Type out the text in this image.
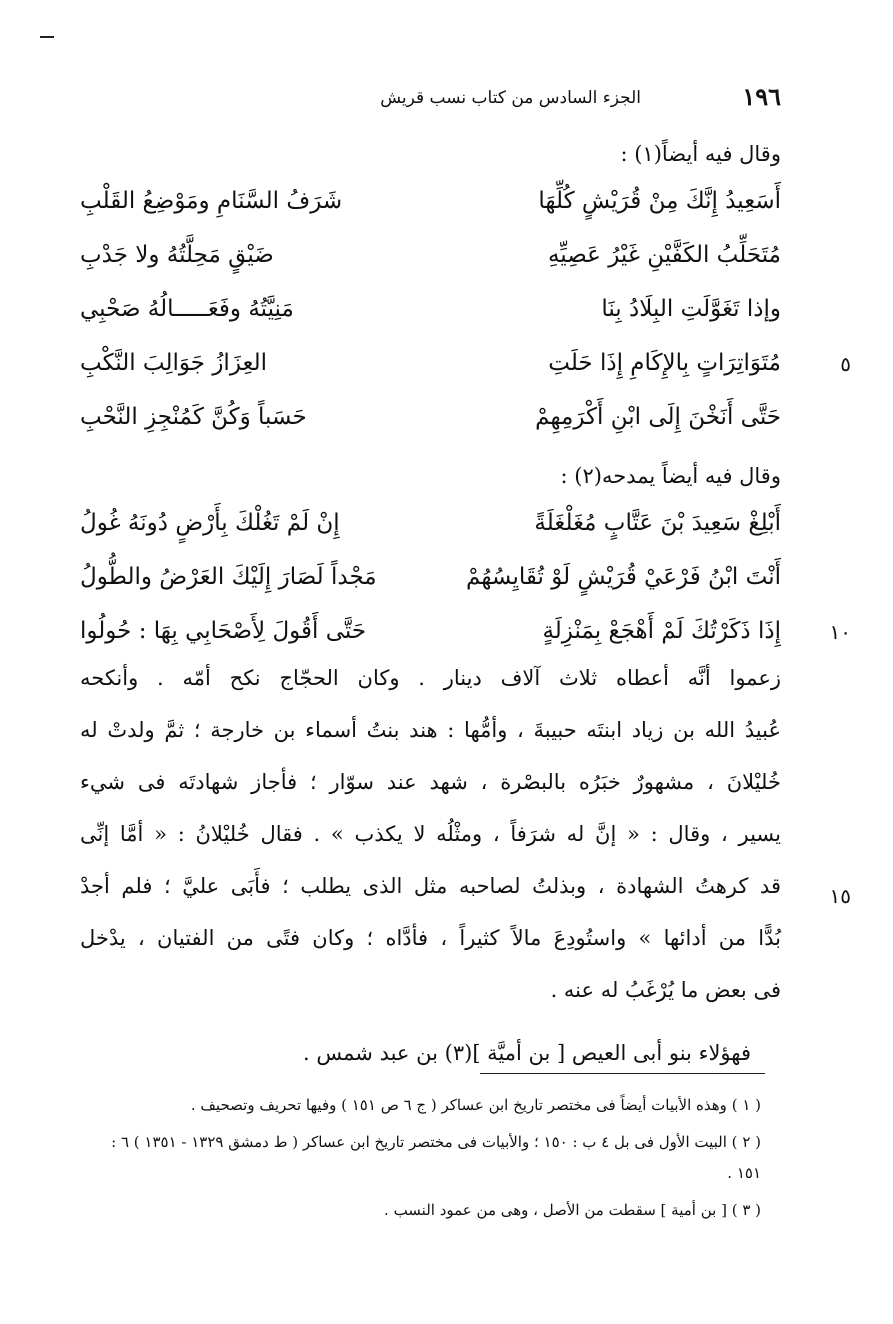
١٩٦
الجزء السادس من كتاب نسب قريش
وقال فيه أيضاً(١) :
أَسَعِيدُ إِنَّكَ مِنْ قُرَيْشٍ كُلِّهَا
شَرَفُ السَّنَامِ ومَوْضِعُ القَلْبِ
مُتَحَلِّبُ الكَفَّيْنِ غَيْرُ عَصِيِّهِ
ضَيْقٍ مَحِلَّتُهُ ولا جَدْبِ
وإذا تَغَوَّلَتِ البِلَادُ بِنَا
مَنِيَّتُهُ وفَعَـــــالُهُ صَحْبِي
مُتَوَاتِرَاتٍ بِالإِكَامِ إِذَا حَلَتِ
العِزَازُ جَوَالِبَ النَّكْبِ	٥
حَتَّى أَنَخْنَ إِلَى ابْنِ أَكْرَمِهِمْ
حَسَباً وَكُنَّ كَمُنْجِزِ النَّحْبِ
وقال فيه أيضاً يمدحه(٢) :
أَبْلِغْ سَعِيدَ بْنَ عَتَّابٍ مُغَلْغَلَةً
إِنْ لَمْ تَغُلْكَ بِأَرْضٍ دُونَهُ غُولُ
أَنْتَ ابْنُ فَرْعَيْ قُرَيْشٍ لَوْ تُقَايِسُهُمْ
مَجْداً لَصَارَ إِلَيْكَ العَرْضُ والطُّولُ
إِذَا ذَكَرْتُكَ لَمْ أَهْجَعْ بِمَنْزِلَةٍ
حَتَّى أَقُولَ لِأَصْحَابِي بِهَا : حُولُوا	١٠
زعموا أنَّه أعطاه ثلاث آلاف دينار . وكان الحجّاج نكح أمّه . وأنكحه
عُبيدُ الله بن زياد ابنتَه حبيبةَ ، وأمُّها : هند بنتُ أسماء بن خارجة ؛ ثمَّ ولدتْ له
خُليْلانَ ، مشهورٌ خبَرُه بالبصْرة ، شهد عند سوّار ؛ فأجاز شهادتَه فى شيء
يسير ، وقال : « إنَّ له شرَفاً ، ومثْلُه لا يكذب » . فقال خُليْلانُ : « أمَّا إنِّى
قد كرهتُ الشهادة ، وبذلتُ لصاحبه مثل الذى يطلب ؛ فأَبَى عليَّ ؛ فلم أجدْ ١٥
بُدًّا من أدائها » واستُودِعَ مالاً كثيراً ، فأدَّاه ؛ وكان فتًى من الفتيان ، يدْخل
فى بعض ما يُرْغَبُ له عنه .
فهؤلاء بنو أبى العيص [ بن أميَّة ](٣) بن عبد شمس .
( ١ ) وهذه الأبيات أيضاً فى مختصر تاريخ ابن عساكر ( ج ٦ ص ١٥١ ) وفيها تحريف وتصحيف .
( ٢ ) البيت الأول فى بل ٤ ب : ١٥٠ ؛ والأبيات فى مختصر تاريخ ابن عساكر ( ط دمشق ١٣٢٩ - ١٣٥١ ) ٦ : ١٥١ .
( ٣ ) [ بن أمية ] سقطت من الأصل ، وهى من عمود النسب .
